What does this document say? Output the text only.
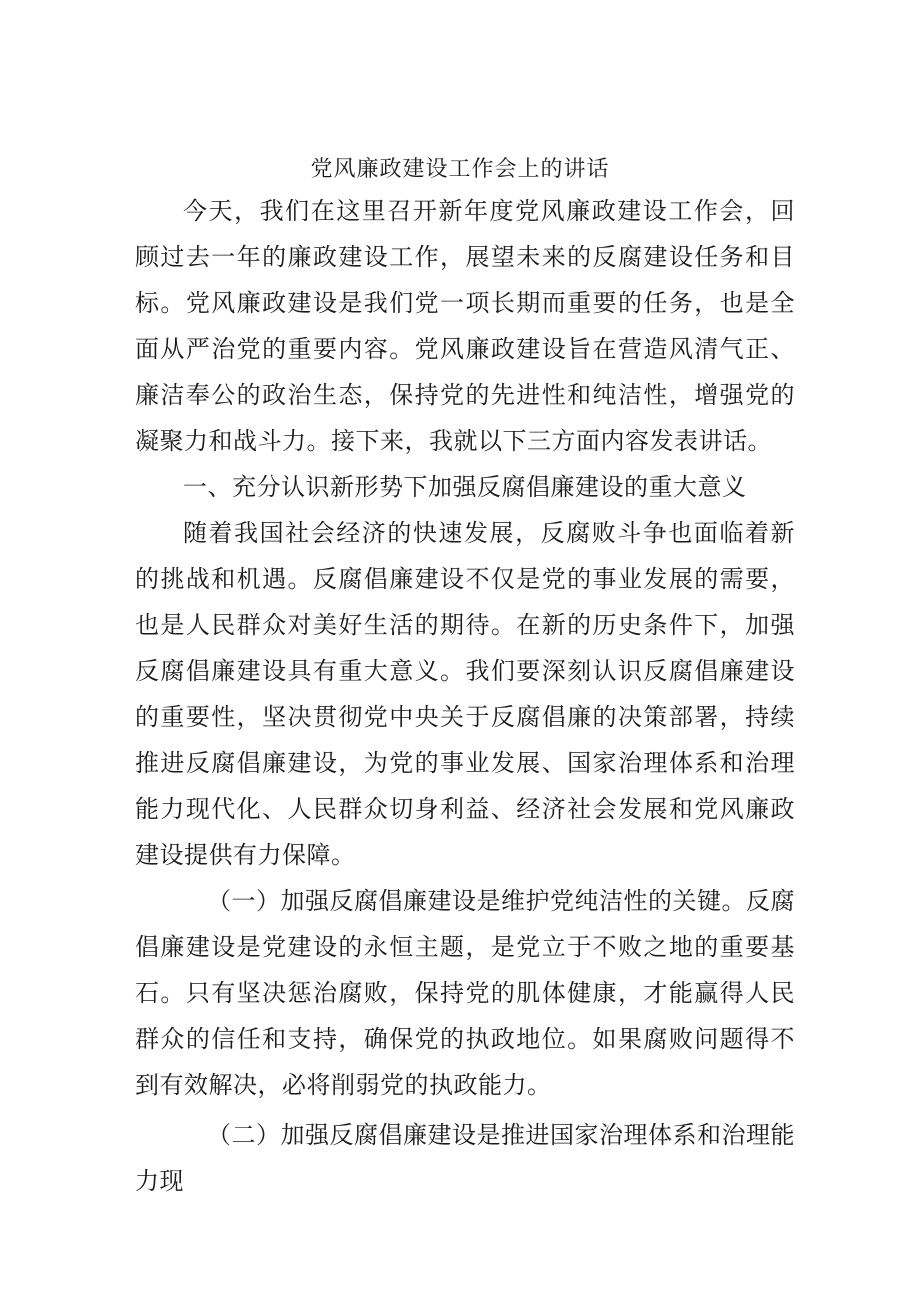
党风廉政建设工作会上的讲话

今天，我们在这里召开新年度党风廉政建设工作会，回顾过去一年的廉政建设工作，展望未来的反腐建设任务和目标。党风廉政建设是我们党一项长期而重要的任务，也是全面从严治党的重要内容。党风廉政建设旨在营造风清气正、廉洁奉公的政治生态，保持党的先进性和纯洁性，增强党的凝聚力和战斗力。接下来，我就以下三方面内容发表讲话。

一、充分认识新形势下加强反腐倡廉建设的重大意义

随着我国社会经济的快速发展，反腐败斗争也面临着新的挑战和机遇。反腐倡廉建设不仅是党的事业发展的需要，也是人民群众对美好生活的期待。在新的历史条件下，加强反腐倡廉建设具有重大意义。我们要深刻认识反腐倡廉建设的重要性，坚决贯彻党中央关于反腐倡廉的决策部署，持续推进反腐倡廉建设，为党的事业发展、国家治理体系和治理能力现代化、人民群众切身利益、经济社会发展和党风廉政建设提供有力保障。

（一）加强反腐倡廉建设是维护党纯洁性的关键。反腐倡廉建设是党建设的永恒主题，是党立于不败之地的重要基石。只有坚决惩治腐败，保持党的肌体健康，才能赢得人民群众的信任和支持，确保党的执政地位。如果腐败问题得不到有效解决，必将削弱党的执政能力。

（二）加强反腐倡廉建设是推进国家治理体系和治理能力现
